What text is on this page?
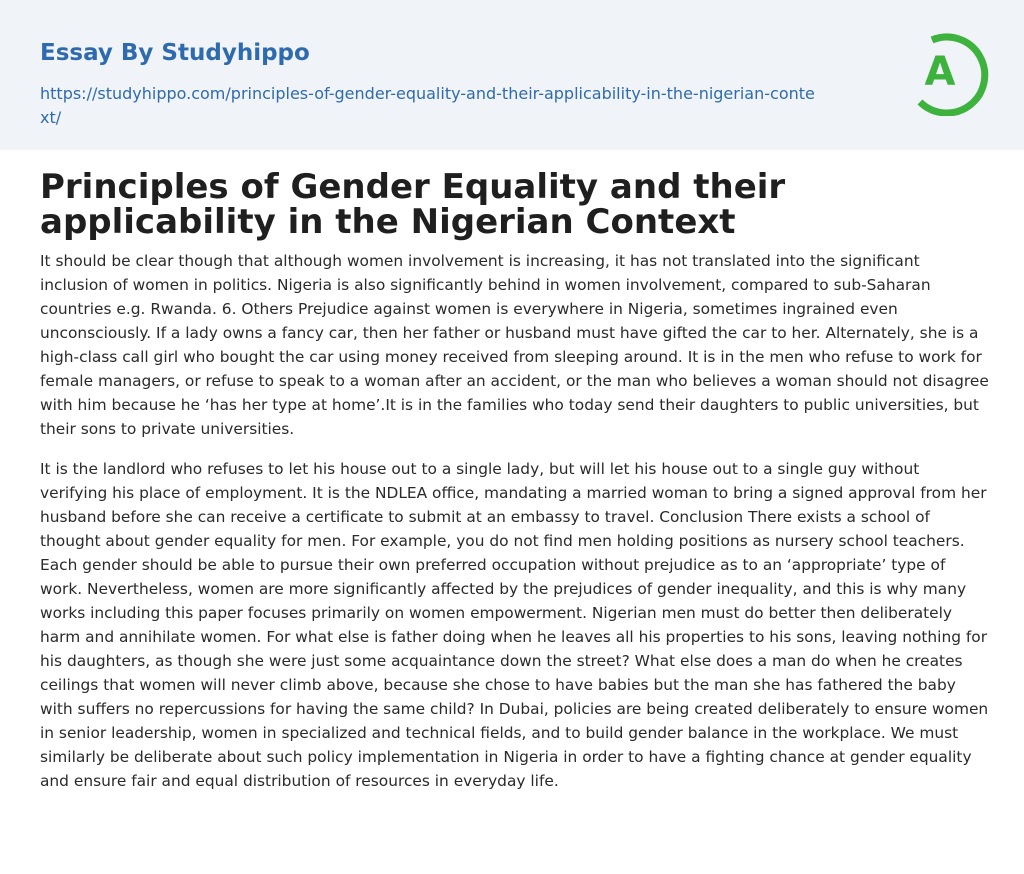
Essay By Studyhippo
https://studyhippo.com/principles-of-gender-equality-and-their-applicability-in-the-nigerian-context/
A
Principles of Gender Equality and their applicability in the Nigerian Context

It should be clear though that although women involvement is increasing, it has not translated into the significant inclusion of women in politics. Nigeria is also significantly behind in women involvement, compared to sub-Saharan countries e.g. Rwanda. 6. Others Prejudice against women is everywhere in Nigeria, sometimes ingrained even unconsciously. If a lady owns a fancy car, then her father or husband must have gifted the car to her. Alternately, she is a high-class call girl who bought the car using money received from sleeping around. It is in the men who refuse to work for female managers, or refuse to speak to a woman after an accident, or the man who believes a woman should not disagree with him because he ‘has her type at home’.It is in the families who today send their daughters to public universities, but their sons to private universities.

It is the landlord who refuses to let his house out to a single lady, but will let his house out to a single guy without verifying his place of employment. It is the NDLEA office, mandating a married woman to bring a signed approval from her husband before she can receive a certificate to submit at an embassy to travel. Conclusion There exists a school of thought about gender equality for men. For example, you do not find men holding positions as nursery school teachers. Each gender should be able to pursue their own preferred occupation without prejudice as to an ‘appropriate’ type of work. Nevertheless, women are more significantly affected by the prejudices of gender inequality, and this is why many works including this paper focuses primarily on women empowerment. Nigerian men must do better then deliberately harm and annihilate women. For what else is father doing when he leaves all his properties to his sons, leaving nothing for his daughters, as though she were just some acquaintance down the street? What else does a man do when he creates ceilings that women will never climb above, because she chose to have babies but the man she has fathered the baby with suffers no repercussions for having the same child? In Dubai, policies are being created deliberately to ensure women in senior leadership, women in specialized and technical fields, and to build gender balance in the workplace. We must similarly be deliberate about such policy implementation in Nigeria in order to have a fighting chance at gender equality and ensure fair and equal distribution of resources in everyday life.
